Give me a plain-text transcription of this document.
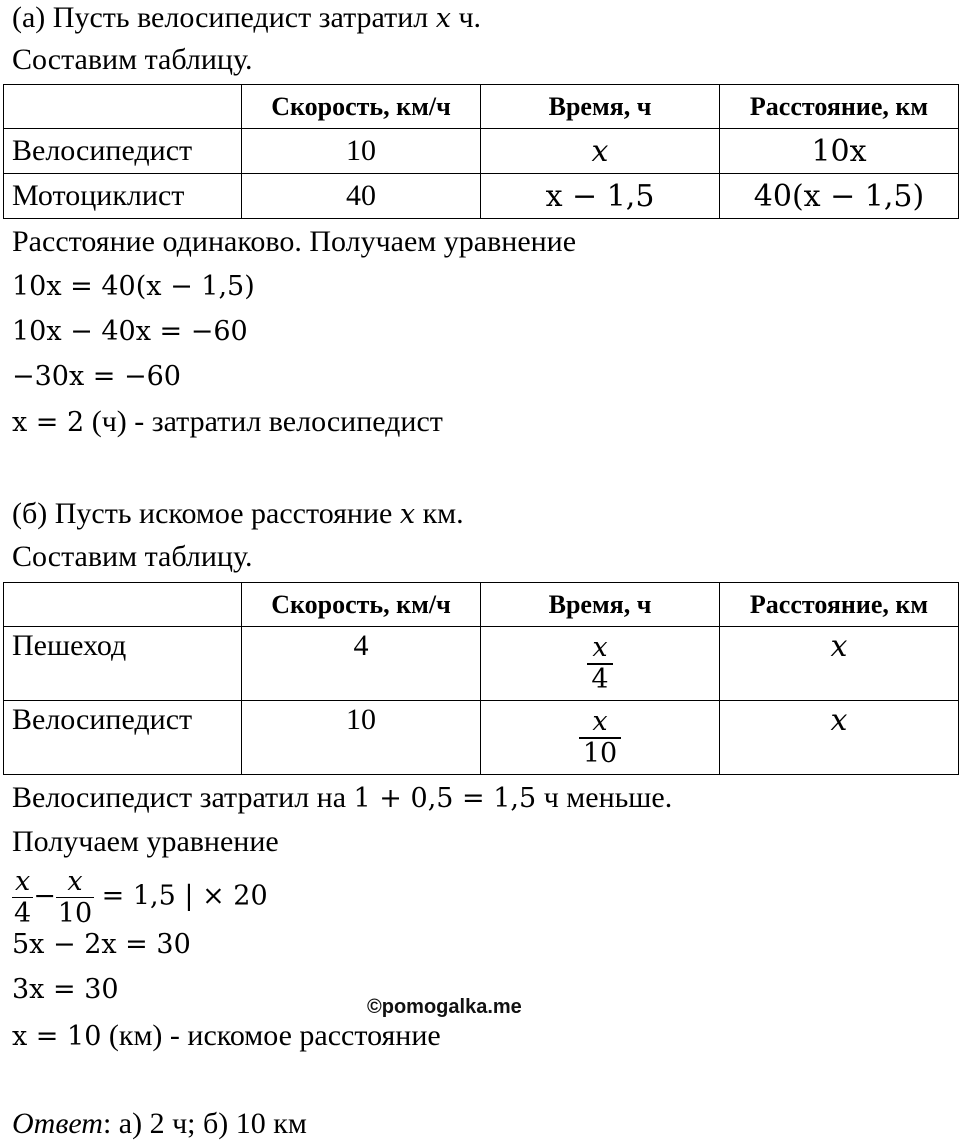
(а) Пусть велосипедист затратил x ч.
Составим таблицу.
	Скорость, км/ч	Время, ч	Расстояние, км
Велосипедист	10	x	10x
Мотоциклист	40	x − 1,5	40(x − 1,5)
Расстояние одинаково. Получаем уравнение
10x = 40(x − 1,5)
10x − 40x = −60
−30x = −60
x = 2 (ч) - затратил велосипедист
(б) Пусть искомое расстояние x км.
Составим таблицу.
	Скорость, км/ч	Время, ч	Расстояние, км
Пешеход	4	$\frac{x}{4}$	x
Велосипедист	10	$\frac{x}{10}$	x
Велосипедист затратил на 1 + 0,5 = 1,5 ч меньше.
Получаем уравнение
$\frac{x}{4} - \frac{x}{10} = 1,5$ | × 20
5x − 2x = 30
3x = 30
©pomogalka.me
x = 10 (км) - искомое расстояние
Ответ: а) 2 ч; б) 10 км
